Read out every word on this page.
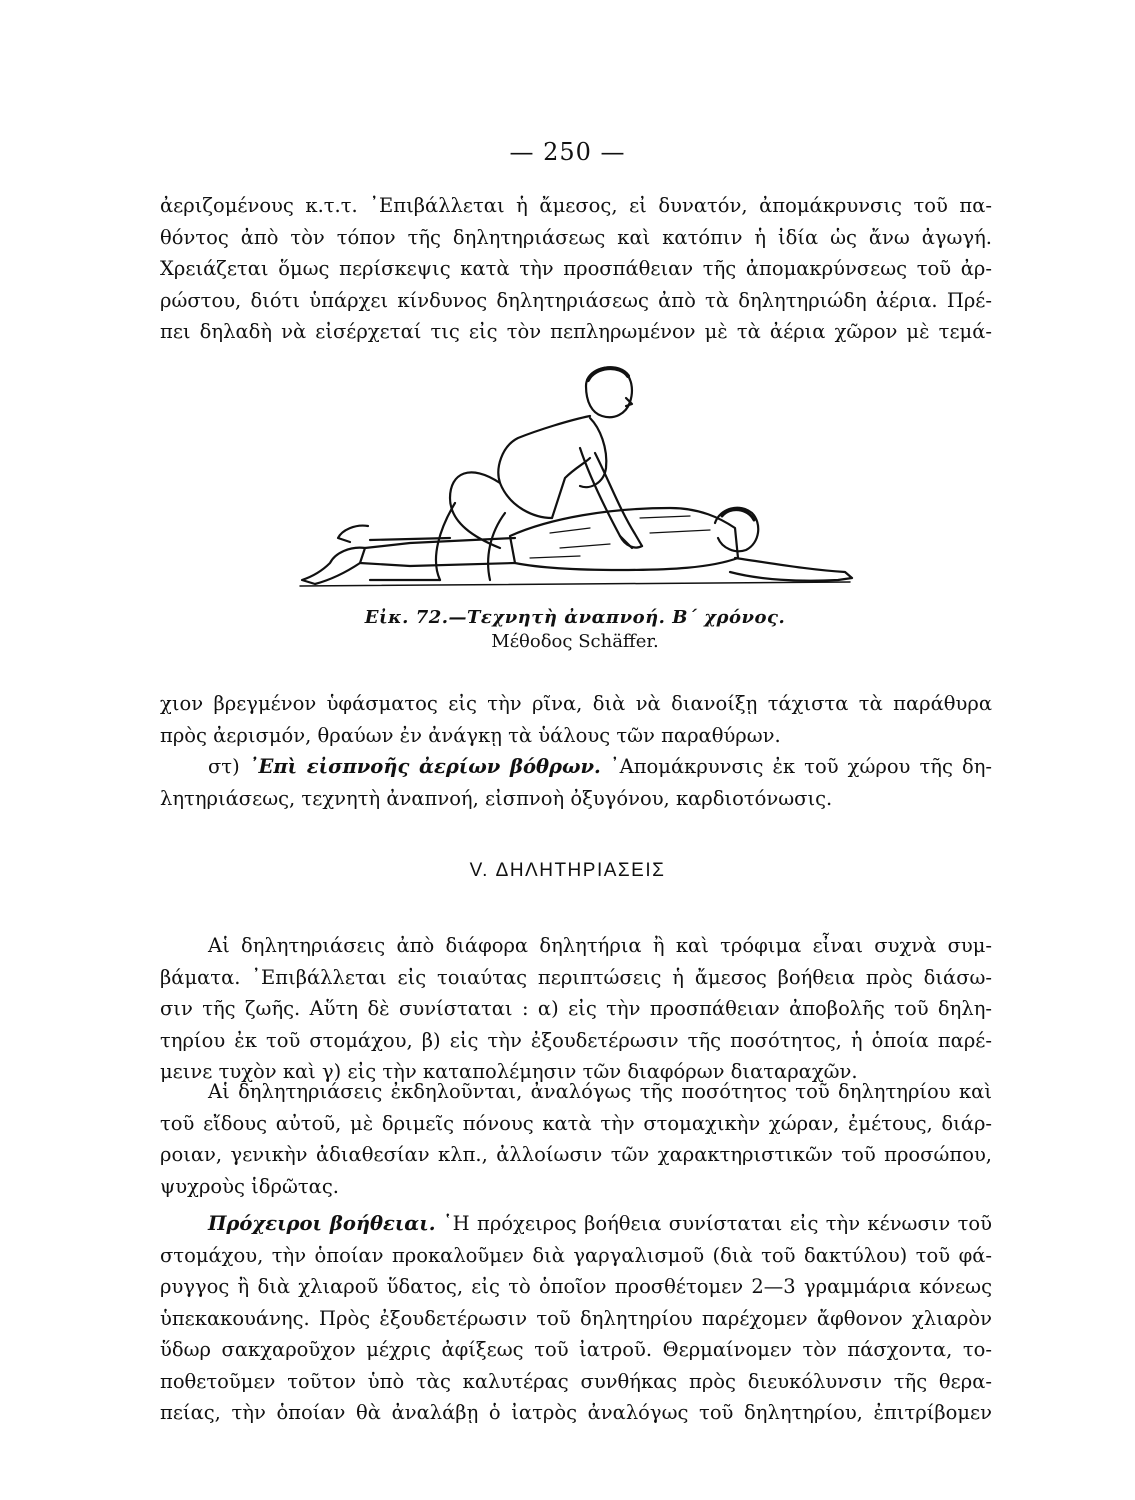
— 250 —
ἀεριζομένους κ.τ.τ. ᾿Επιβάλλεται ἡ ἄμεσος, εἰ δυνατόν, ἀπομάκρυνσις τοῦ πα-
θόντος ἀπὸ τὸν τόπον τῆς δηλητηριάσεως καὶ κατόπιν ἡ ἰδία ὡς ἄνω ἀγωγή.
Χρειάζεται ὅμως περίσκεψις κατὰ τὴν προσπάθειαν τῆς ἀπομακρύνσεως τοῦ ἀρ-
ρώστου, διότι ὑπάρχει κίνδυνος δηλητηριάσεως ἀπὸ τὰ δηλητηριώδη ἀέρια. Πρέ-
πει δηλαδὴ νὰ εἰσέρχεταί τις εἰς τὸν πεπληρωμένον μὲ τὰ ἀέρια χῶρον μὲ τεμά-
Εἰκ. 72.—Τεχνητὴ ἀναπνοή. Β΄ χρόνος.
Μέθοδος Schäffer.
χιον βρεγμένον ὑφάσματος εἰς τὴν ρῖνα, διὰ νὰ διανοίξῃ τάχιστα τὰ παράθυρα
πρὸς ἀερισμόν, θραύων ἐν ἀνάγκῃ τὰ ὑάλους τῶν παραθύρων.
στ) ᾿Επὶ εἰσπνοῆς ἀερίων βόθρων. ᾿Απομάκρυνσις ἐκ τοῦ χώρου τῆς δη-
λητηριάσεως, τεχνητὴ ἀναπνοή, εἰσπνοὴ ὀξυγόνου, καρδιοτόνωσις.
V. ΔΗΛΗΤΗΡΙΑΣΕΙΣ
Αἱ δηλητηριάσεις ἀπὸ διάφορα δηλητήρια ἢ καὶ τρόφιμα εἶναι συχνὰ συμ-
βάματα. ᾿Επιβάλλεται εἰς τοιαύτας περιπτώσεις ἡ ἄμεσος βοήθεια πρὸς διάσω-
σιν τῆς ζωῆς. Αὕτη δὲ συνίσταται : α) εἰς τὴν προσπάθειαν ἀποβολῆς τοῦ δηλη-
τηρίου ἐκ τοῦ στομάχου, β) εἰς τὴν ἐξουδετέρωσιν τῆς ποσότητος, ἡ ὁποία παρέ-
μεινε τυχὸν καὶ γ) εἰς τὴν καταπολέμησιν τῶν διαφόρων διαταραχῶν.
Αἱ δηλητηριάσεις ἐκδηλοῦνται, ἀναλόγως τῆς ποσότητος τοῦ δηλητηρίου καὶ
τοῦ εἴδους αὐτοῦ, μὲ δριμεῖς πόνους κατὰ τὴν στομαχικὴν χώραν, ἐμέτους, διάρ-
ροιαν, γενικὴν ἀδιαθεσίαν κλπ., ἀλλοίωσιν τῶν χαρακτηριστικῶν τοῦ προσώπου,
ψυχροὺς ἱδρῶτας.
Πρόχειροι βοήθειαι. ῾Η πρόχειρος βοήθεια συνίσταται εἰς τὴν κένωσιν τοῦ
στομάχου, τὴν ὁποίαν προκαλοῦμεν διὰ γαργαλισμοῦ (διὰ τοῦ δακτύλου) τοῦ φά-
ρυγγος ἢ διὰ χλιαροῦ ὕδατος, εἰς τὸ ὁποῖον προσθέτομεν 2—3 γραμμάρια κόνεως
ὑπεκακουάνης. Πρὸς ἐξουδετέρωσιν τοῦ δηλητηρίου παρέχομεν ἄφθονον χλιαρὸν
ὕδωρ σακχαροῦχον μέχρις ἀφίξεως τοῦ ἰατροῦ. Θερμαίνομεν τὸν πάσχοντα, το-
ποθετοῦμεν τοῦτον ὑπὸ τὰς καλυτέρας συνθήκας πρὸς διευκόλυνσιν τῆς θερα-
πείας, τὴν ὁποίαν θὰ ἀναλάβῃ ὁ ἰατρὸς ἀναλόγως τοῦ δηλητηρίου, ἐπιτρίβομεν
